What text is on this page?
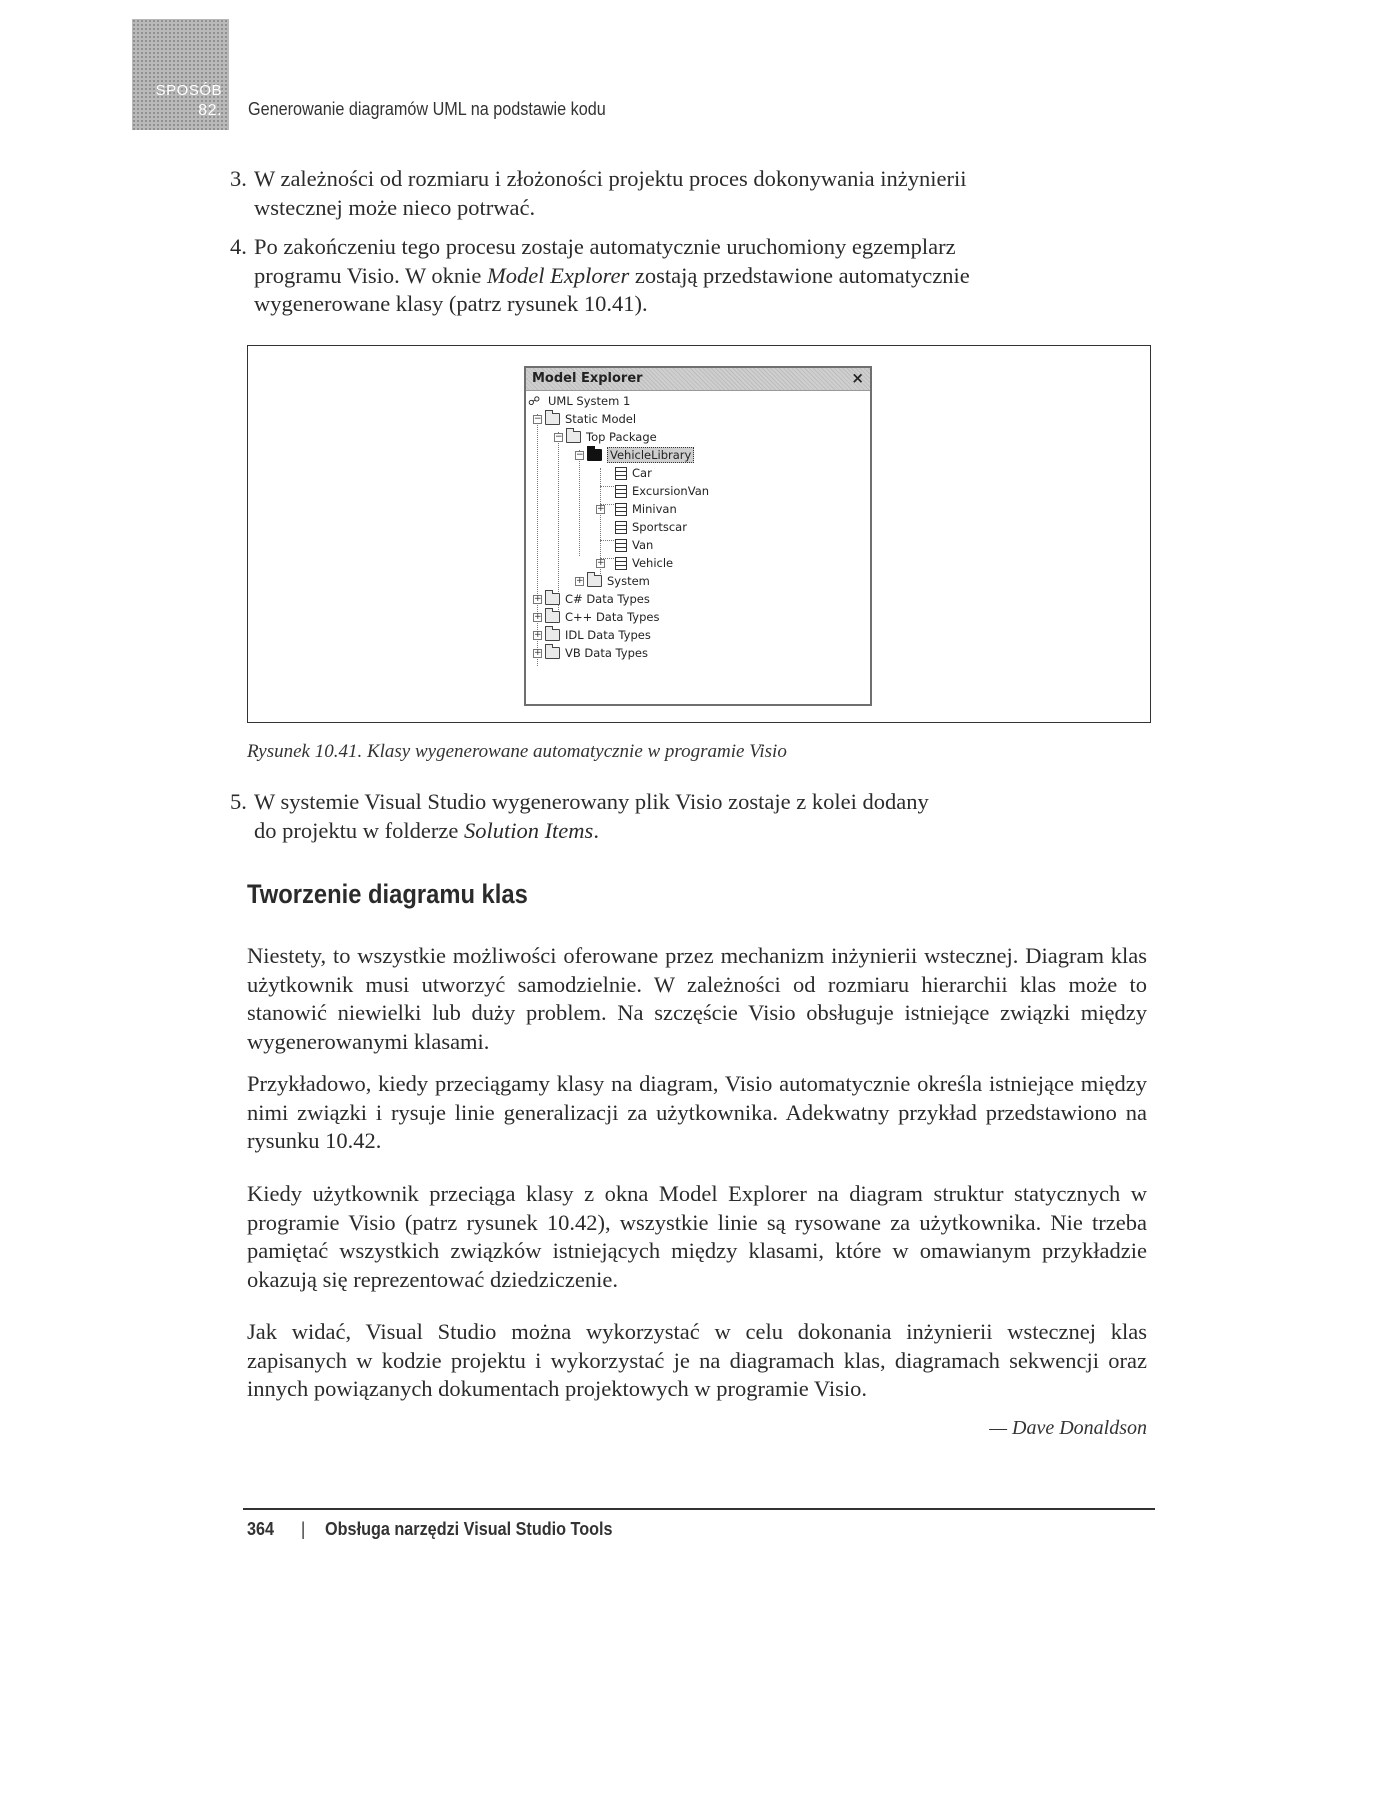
SPOSÓB
82. Generowanie diagramów UML na podstawie kodu
3. W zależności od rozmiaru i złożoności projektu proces dokonywania inżynierii
wstecznej może nieco potrwać.
4. Po zakończeniu tego procesu zostaje automatycznie uruchomiony egzemplarz
programu Visio. W oknie Model Explorer zostają przedstawione automatycznie
wygenerowane klasy (patrz rysunek 10.41).
Model Explorer	×
☍ UML System 1
− Static Model
− Top Package
− VehicleLibrary
Car
ExcursionVan
+ Minivan
Sportscar
Van
+ Vehicle
+ System
+ C# Data Types
+ C++ Data Types
+ IDL Data Types
+ VB Data Types
Rysunek 10.41. Klasy wygenerowane automatycznie w programie Visio
5. W systemie Visual Studio wygenerowany plik Visio zostaje z kolei dodany
do projektu w folderze Solution Items.
Tworzenie diagramu klas
Niestety, to wszystkie możliwości oferowane przez mechanizm inżynierii wstecznej. Diagram klas użytkownik musi utworzyć samodzielnie. W zależności od rozmiaru hierarchii klas może to stanowić niewielki lub duży problem. Na szczęście Visio obsługuje istniejące związki między wygenerowanymi klasami.
Przykładowo, kiedy przeciągamy klasy na diagram, Visio automatycznie określa istniejące między nimi związki i rysuje linie generalizacji za użytkownika. Adekwatny przykład przedstawiono na rysunku 10.42.
Kiedy użytkownik przeciąga klasy z okna Model Explorer na diagram struktur statycznych w programie Visio (patrz rysunek 10.42), wszystkie linie są rysowane za użytkownika. Nie trzeba pamiętać wszystkich związków istniejących między klasami, które w omawianym przykładzie okazują się reprezentować dziedziczenie.
Jak widać, Visual Studio można wykorzystać w celu dokonania inżynierii wstecznej klas zapisanych w kodzie projektu i wykorzystać je na diagramach klas, diagramach sekwencji oraz innych powiązanych dokumentach projektowych w programie Visio.
— Dave Donaldson
364 | Obsługa narzędzi Visual Studio Tools
